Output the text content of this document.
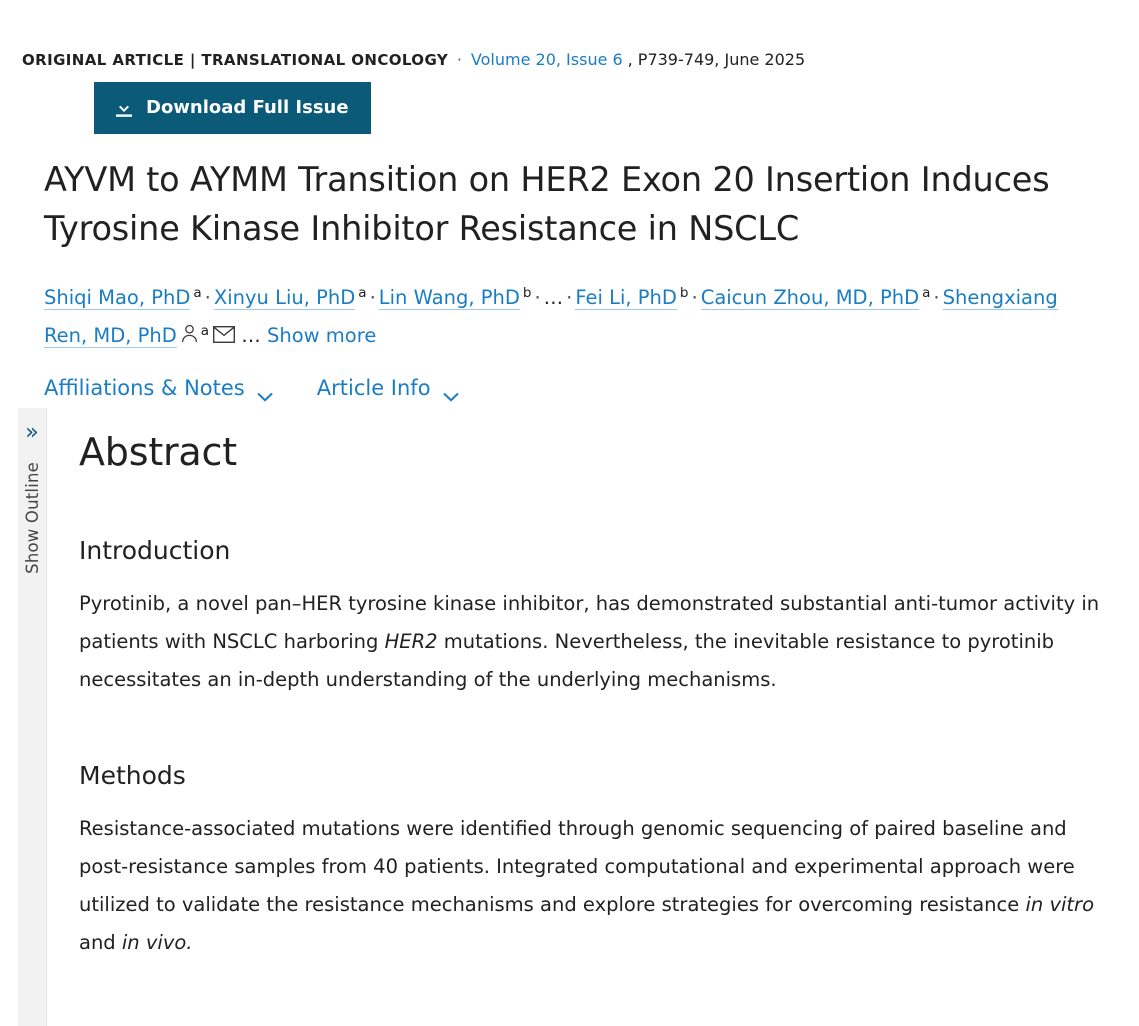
ORIGINAL ARTICLE | TRANSLATIONAL ONCOLOGY · Volume 20, Issue 6 , P739-749, June 2025
Download Full Issue
AYVM to AYMM Transition on HER2 Exon 20 Insertion Induces Tyrosine Kinase Inhibitor Resistance in NSCLC
Shiqi Mao, PhD $^a$ · Xinyu Liu, PhD $^a$ · Lin Wang, PhD $^b$ · … · Fei Li, PhD $^b$ · Caicun Zhou, MD, PhD $^a$ · Shengxiang Ren, MD, PhD $^a$ … Show more
Affiliations & Notes	Article Info
»
Show Outline
Abstract
Introduction

Pyrotinib, a novel pan–HER tyrosine kinase inhibitor, has demonstrated substantial anti-tumor activity in patients with NSCLC harboring HER2 mutations. Nevertheless, the inevitable resistance to pyrotinib necessitates an in-depth understanding of the underlying mechanisms.

Methods

Resistance-associated mutations were identified through genomic sequencing of paired baseline and post-resistance samples from 40 patients. Integrated computational and experimental approach were utilized to validate the resistance mechanisms and explore strategies for overcoming resistance in vitro and in vivo.
